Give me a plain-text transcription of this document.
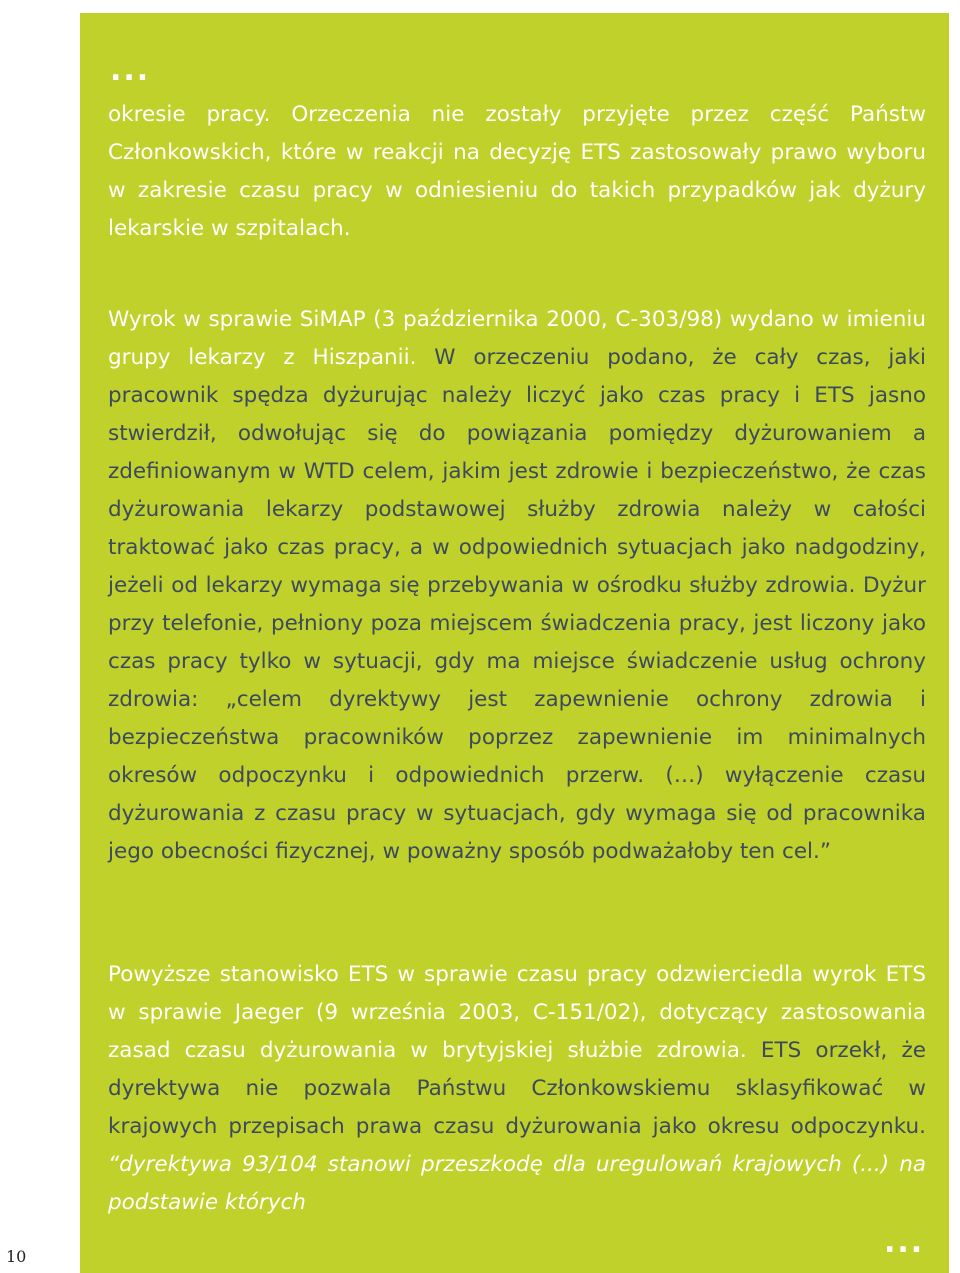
...

okresie pracy. Orzeczenia nie zostały przyjęte przez część Państw Członkowskich, które w reakcji na decyzję ETS zastosowały prawo wyboru w zakresie czasu pracy w odniesieniu do takich przypadków jak dyżury lekarskie w szpitalach.

Wyrok w sprawie SiMAP (3 października 2000, C-303/98) wydano w imieniu grupy lekarzy z Hiszpanii. W orzeczeniu podano, że cały czas, jaki pracownik spędza dyżurując należy liczyć jako czas pracy i ETS jasno stwierdził, odwołując się do powiązania pomiędzy dyżurowaniem a zdefiniowanym w WTD celem, jakim jest zdrowie i bezpieczeństwo, że czas dyżurowania lekarzy podstawowej służby zdrowia należy w całości traktować jako czas pracy, a w odpowiednich sytuacjach jako nadgodziny, jeżeli od lekarzy wymaga się przebywania w ośrodku służby zdrowia. Dyżur przy telefonie, pełniony poza miejscem świadczenia pracy, jest liczony jako czas pracy tylko w sytuacji, gdy ma miejsce świadczenie usług ochrony zdrowia: „celem dyrektywy jest zapewnienie ochrony zdrowia i bezpieczeństwa pracowników poprzez zapewnienie im minimalnych okresów odpoczynku i odpowiednich przerw. (…) wyłączenie czasu dyżurowania z czasu pracy w sytuacjach, gdy wymaga się od pracownika jego obecności fizycznej, w poważny sposób podważałoby ten cel.”

Powyższe stanowisko ETS w sprawie czasu pracy odzwierciedla wyrok ETS w sprawie Jaeger (9 września 2003, C-151/02), dotyczący zastosowania zasad czasu dyżurowania w brytyjskiej służbie zdrowia. ETS orzekł, że dyrektywa nie pozwala Państwu Członkowskiemu sklasyfikować w krajowych przepisach prawa czasu dyżurowania jako okresu odpoczynku. “dyrektywa 93/104 stanowi przeszkodę dla uregulowań krajowych (...) na podstawie których

...
10
